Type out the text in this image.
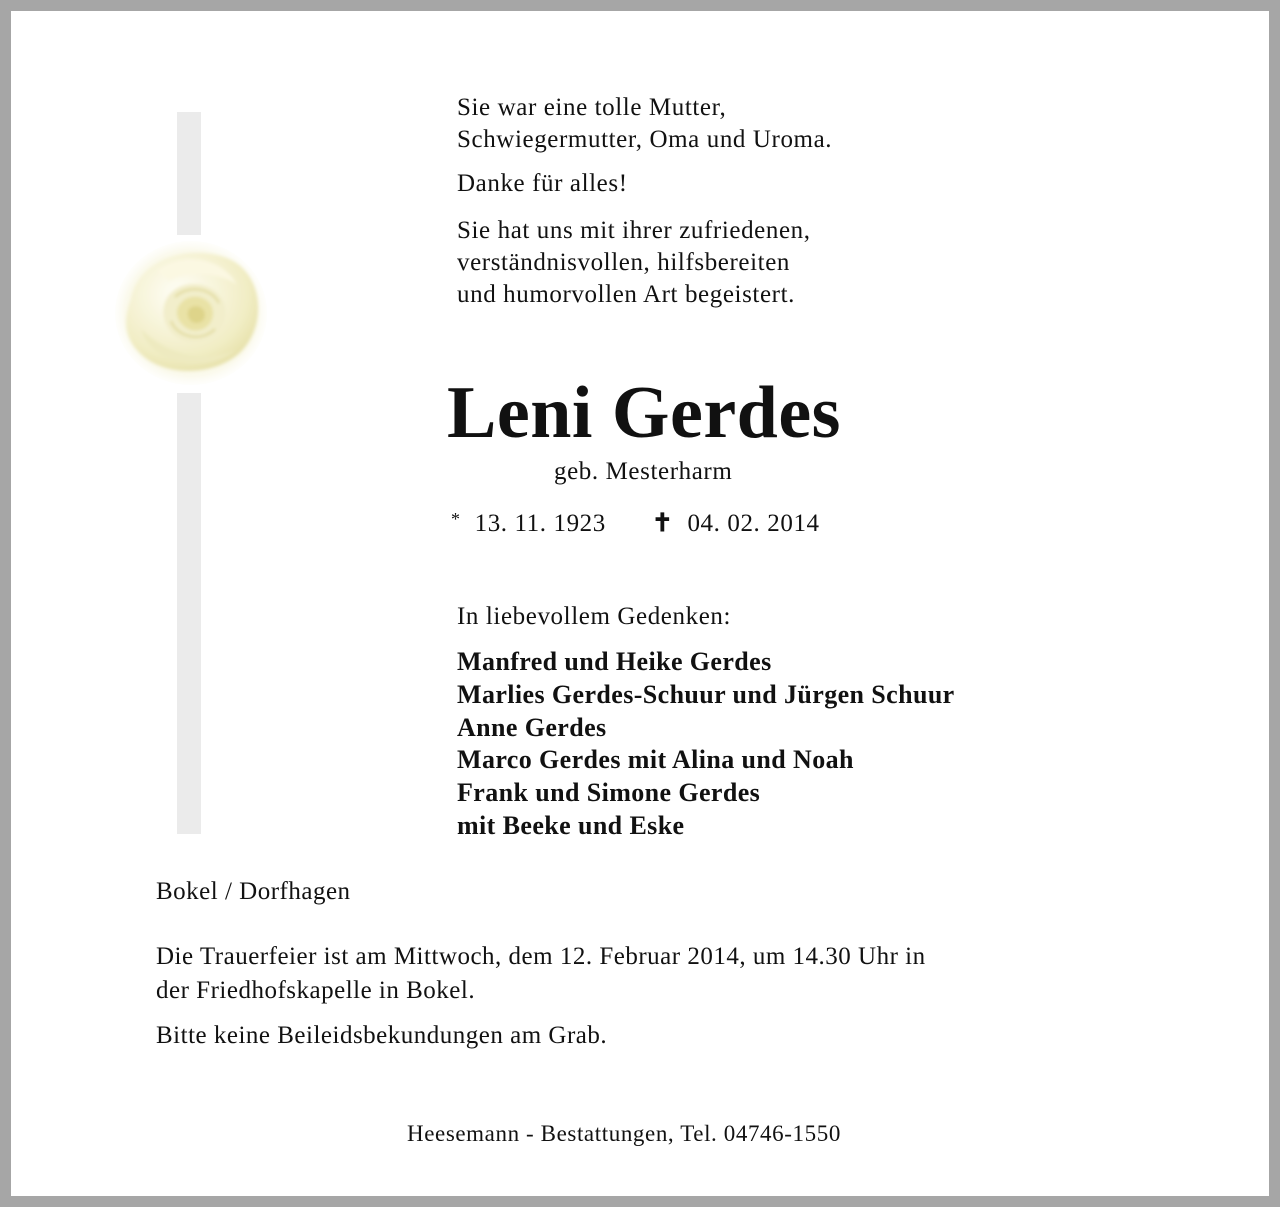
Sie war eine tolle Mutter,
Schwiegermutter, Oma und Uroma.
Danke für alles!
Sie hat uns mit ihrer zufriedenen,
verständnisvollen, hilfsbereiten
und humorvollen Art begeistert.
Leni Gerdes
geb. Mesterharm
* 13. 11. 1923 ✝ 04. 02. 2014
In liebevollem Gedenken:
Manfred und Heike Gerdes
Marlies Gerdes-Schuur und Jürgen Schuur
Anne Gerdes
Marco Gerdes mit Alina und Noah
Frank und Simone Gerdes
mit Beeke und Eske
Bokel / Dorfhagen
Die Trauerfeier ist am Mittwoch, dem 12. Februar 2014, um 14.30 Uhr in
der Friedhofskapelle in Bokel.
Bitte keine Beileidsbekundungen am Grab.
Heesemann - Bestattungen, Tel. 04746-1550
